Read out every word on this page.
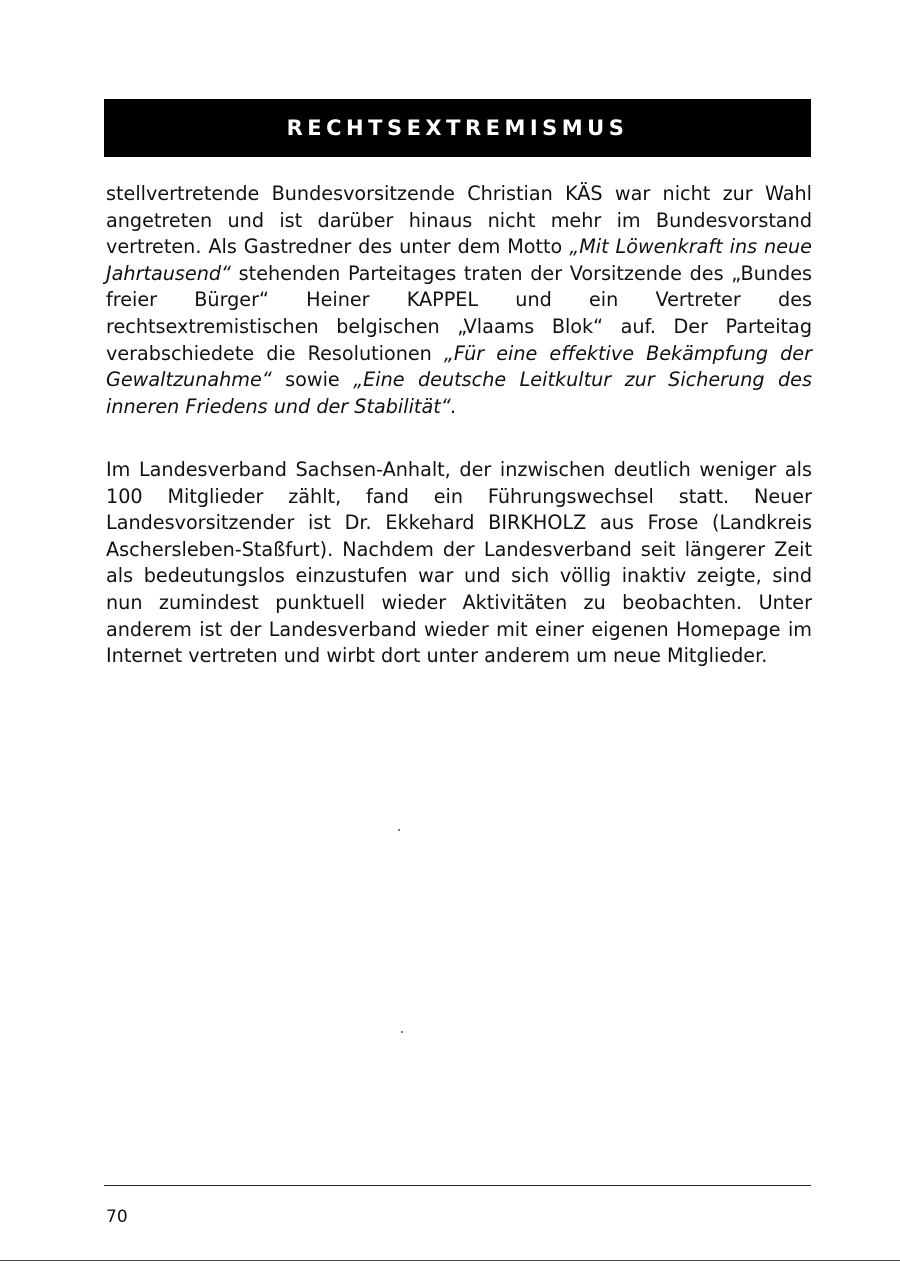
RECHTSEXTREMISMUS

stellvertretende Bundesvorsitzende Christian KÄS war nicht zur Wahl angetreten und ist darüber hinaus nicht mehr im Bundesvorstand vertreten. Als Gastredner des unter dem Motto „Mit Löwenkraft ins neue Jahrtausend“ stehenden Parteitages traten der Vorsitzende des „Bundes freier Bürger“ Heiner KAPPEL und ein Vertreter des rechtsextremistischen belgischen „Vlaams Blok“ auf. Der Parteitag verabschiedete die Resolutionen „Für eine effektive Bekämpfung der Gewaltzunahme“ sowie „Eine deutsche Leitkultur zur Sicherung des inneren Friedens und der Stabilität“.

Im Landesverband Sachsen-Anhalt, der inzwischen deutlich weniger als 100 Mitglieder zählt, fand ein Führungswechsel statt. Neuer Landesvorsitzender ist Dr. Ekkehard BIRKHOLZ aus Frose (Landkreis Aschersleben-Staßfurt). Nachdem der Landesverband seit längerer Zeit als bedeutungslos einzustufen war und sich völlig inaktiv zeigte, sind nun zumindest punktuell wieder Aktivitäten zu beobachten. Unter anderem ist der Landesverband wieder mit einer eigenen Homepage im Internet vertreten und wirbt dort unter anderem um neue Mitglieder.

70
